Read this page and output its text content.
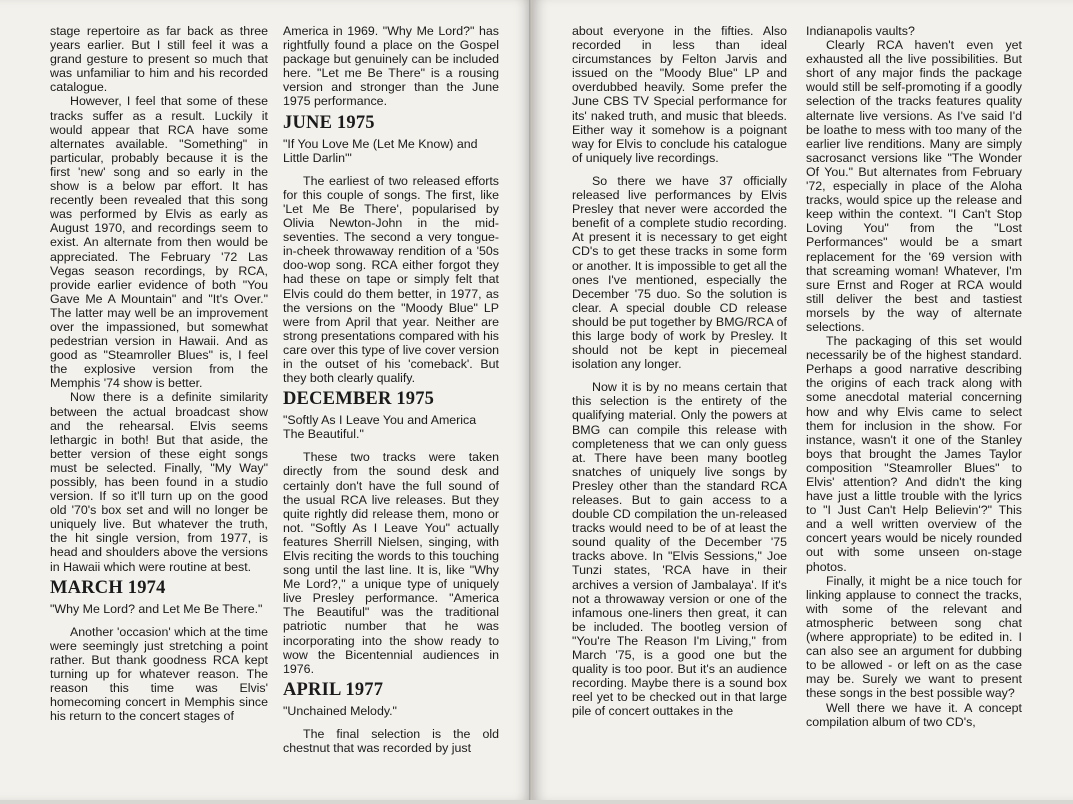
stage repertoire as far back as three years earlier. But I still feel it was a grand gesture to present so much that was unfamiliar to him and his recorded catalogue.

However, I feel that some of these tracks suffer as a result. Luckily it would appear that RCA have some alternates available. "Something" in particular, probably because it is the first 'new' song and so early in the show is a below par effort. It has recently been revealed that this song was performed by Elvis as early as August 1970, and recordings seem to exist. An alternate from then would be appreciated. The February '72 Las Vegas season recordings, by RCA, provide earlier evidence of both "You Gave Me A Mountain" and "It's Over." The latter may well be an improvement over the impassioned, but somewhat pedestrian version in Hawaii. And as good as "Steamroller Blues" is, I feel the explosive version from the Memphis '74 show is better.

Now there is a definite similarity between the actual broadcast show and the rehearsal. Elvis seems lethargic in both! But that aside, the better version of these eight songs must be selected. Finally, "My Way" possibly, has been found in a studio version. If so it'll turn up on the good old '70's box set and will no longer be uniquely live. But whatever the truth, the hit single version, from 1977, is head and shoulders above the versions in Hawaii which were routine at best.

MARCH 1974

"Why Me Lord? and Let Me Be There."

Another 'occasion' which at the time were seemingly just stretching a point rather. But thank goodness RCA kept turning up for whatever reason. The reason this time was Elvis' homecoming concert in Memphis since his return to the concert stages of

America in 1969. "Why Me Lord?" has rightfully found a place on the Gospel package but genuinely can be included here. "Let me Be There" is a rousing version and stronger than the June 1975 performance.

JUNE 1975

"If You Love Me (Let Me Know) and Little Darlin'"

The earliest of two released efforts for this couple of songs. The first, like 'Let Me Be There', popularised by Olivia Newton-John in the mid-seventies. The second a very tongue-in-cheek throwaway rendition of a '50s doo-wop song. RCA either forgot they had these on tape or simply felt that Elvis could do them better, in 1977, as the versions on the "Moody Blue" LP were from April that year. Neither are strong presentations compared with his care over this type of live cover version in the outset of his 'comeback'. But they both clearly qualify.

DECEMBER 1975

"Softly As I Leave You and America The Beautiful."

These two tracks were taken directly from the sound desk and certainly don't have the full sound of the usual RCA live releases. But they quite rightly did release them, mono or not. "Softly As I Leave You" actually features Sherrill Nielsen, singing, with Elvis reciting the words to this touching song until the last line. It is, like "Why Me Lord?," a unique type of uniquely live Presley performance. "America The Beautiful" was the traditional patriotic number that he was incorporating into the show ready to wow the Bicentennial audiences in 1976.

APRIL 1977

"Unchained Melody."

The final selection is the old chestnut that was recorded by just

about everyone in the fifties. Also recorded in less than ideal circumstances by Felton Jarvis and issued on the "Moody Blue" LP and overdubbed heavily. Some prefer the June CBS TV Special performance for its' naked truth, and music that bleeds. Either way it somehow is a poignant way for Elvis to conclude his catalogue of uniquely live recordings.

So there we have 37 officially released live performances by Elvis Presley that never were accorded the benefit of a complete studio recording. At present it is necessary to get eight CD's to get these tracks in some form or another. It is impossible to get all the ones I've mentioned, especially the December '75 duo. So the solution is clear. A special double CD release should be put together by BMG/RCA of this large body of work by Presley. It should not be kept in piecemeal isolation any longer.

Now it is by no means certain that this selection is the entirety of the qualifying material. Only the powers at BMG can compile this release with completeness that we can only guess at. There have been many bootleg snatches of uniquely live songs by Presley other than the standard RCA releases. But to gain access to a double CD compilation the un-released tracks would need to be of at least the sound quality of the December '75 tracks above. In "Elvis Sessions," Joe Tunzi states, 'RCA have in their archives a version of Jambalaya'. If it's not a throwaway version or one of the infamous one-liners then great, it can be included. The bootleg version of "You're The Reason I'm Living," from March '75, is a good one but the quality is too poor. But it's an audience recording. Maybe there is a sound box reel yet to be checked out in that large pile of concert outtakes in the

Indianapolis vaults?

Clearly RCA haven't even yet exhausted all the live possibilities. But short of any major finds the package would still be self-promoting if a goodly selection of the tracks features quality alternate live versions. As I've said I'd be loathe to mess with too many of the earlier live renditions. Many are simply sacrosanct versions like "The Wonder Of You." But alternates from February '72, especially in place of the Aloha tracks, would spice up the release and keep within the context. "I Can't Stop Loving You" from the "Lost Performances" would be a smart replacement for the '69 version with that screaming woman! Whatever, I'm sure Ernst and Roger at RCA would still deliver the best and tastiest morsels by the way of alternate selections.

The packaging of this set would necessarily be of the highest standard. Perhaps a good narrative describing the origins of each track along with some anecdotal material concerning how and why Elvis came to select them for inclusion in the show. For instance, wasn't it one of the Stanley boys that brought the James Taylor composition "Steamroller Blues" to Elvis' attention? And didn't the king have just a little trouble with the lyrics to "I Just Can't Help Believin'?" This and a well written overview of the concert years would be nicely rounded out with some unseen on-stage photos.

Finally, it might be a nice touch for linking applause to connect the tracks, with some of the relevant and atmospheric between song chat (where appropriate) to be edited in. I can also see an argument for dubbing to be allowed - or left on as the case may be. Surely we want to present these songs in the best possible way?

Well there we have it. A concept compilation album of two CD's,
